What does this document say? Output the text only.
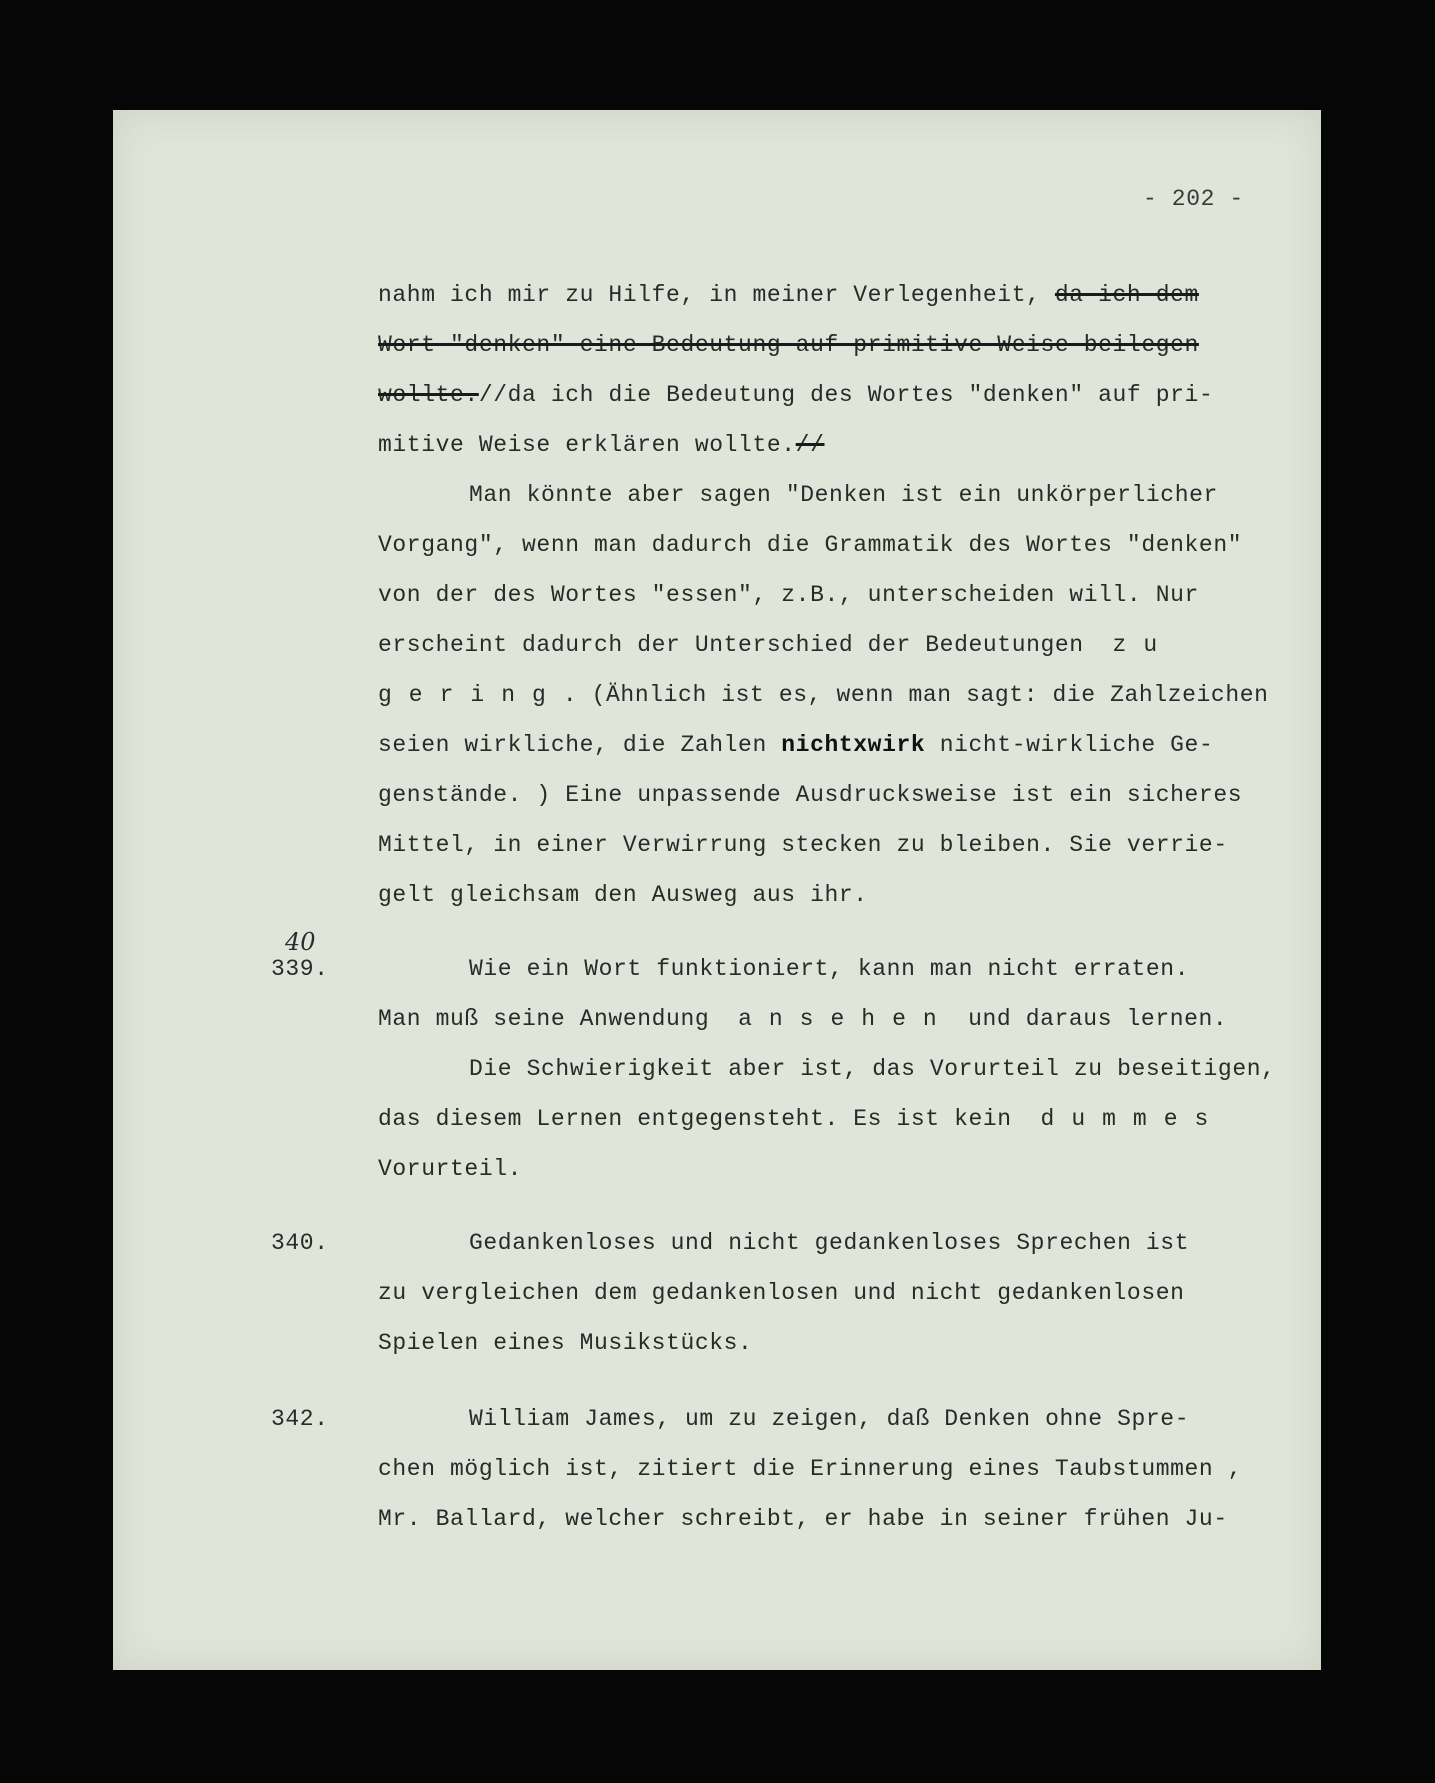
- 202 -
nahm ich mir zu Hilfe, in meiner Verlegenheit, da ich dem
Wort "denken" eine Bedeutung auf primitive Weise beilegen
wollte.//da ich die Bedeutung des Wortes "denken" auf pri-
mitive Weise erklären wollte.//
Man könnte aber sagen "Denken ist ein unkörperlicher
Vorgang", wenn man dadurch die Grammatik des Wortes "denken"
von der des Wortes "essen", z.B., unterscheiden will. Nur
erscheint dadurch der Unterschied der Bedeutungen  zu
gering. (Ähnlich ist es, wenn man sagt: die Zahlzeichen
seien wirkliche, die Zahlen nichtxwirk nicht-wirkliche Ge-
genstände. ) Eine unpassende Ausdrucksweise ist ein sicheres
Mittel, in einer Verwirrung stecken zu bleiben. Sie verrie-
gelt gleichsam den Ausweg aus ihr.
40
339.	Wie ein Wort funktioniert, kann man nicht erraten.
Man muß seine Anwendung  ansehen und daraus lernen.
Die Schwierigkeit aber ist, das Vorurteil zu beseitigen,
das diesem Lernen entgegensteht. Es ist kein  dummes
Vorurteil.
340.	Gedankenloses und nicht gedankenloses Sprechen ist
zu vergleichen dem gedankenlosen und nicht gedankenlosen
Spielen eines Musikstücks.
342.	William James, um zu zeigen, daß Denken ohne Spre-
chen möglich ist, zitiert die Erinnerung eines Taubstummen ,
Mr. Ballard, welcher schreibt, er habe in seiner frühen Ju-
